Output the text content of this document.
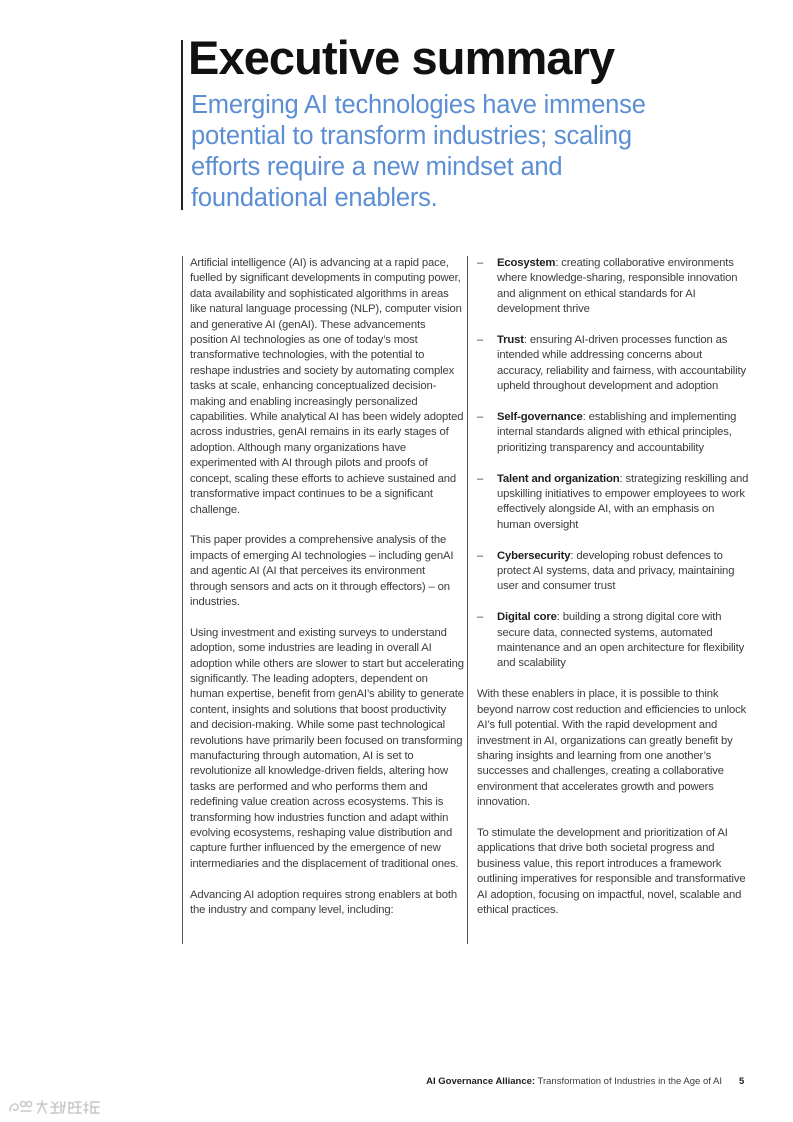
Executive summary
Emerging AI technologies have immense potential to transform industries; scaling efforts require a new mindset and foundational enablers.

Artificial intelligence (AI) is advancing at a rapid pace, fuelled by significant developments in computing power, data availability and sophisticated algorithms in areas like natural language processing (NLP), computer vision and generative AI (genAI). These advancements position AI technologies as one of today’s most transformative technologies, with the potential to reshape industries and society by automating complex tasks at scale, enhancing conceptualized decision-making and enabling increasingly personalized capabilities. While analytical AI has been widely adopted across industries, genAI remains in its early stages of adoption. Although many organizations have experimented with AI through pilots and proofs of concept, scaling these efforts to achieve sustained and transformative impact continues to be a significant challenge.

This paper provides a comprehensive analysis of the impacts of emerging AI technologies – including genAI and agentic AI (AI that perceives its environment through sensors and acts on it through effectors) – on industries.

Using investment and existing surveys to understand adoption, some industries are leading in overall AI adoption while others are slower to start but accelerating significantly. The leading adopters, dependent on human expertise, benefit from genAI’s ability to generate content, insights and solutions that boost productivity and decision-making. While some past technological revolutions have primarily been focused on transforming manufacturing through automation, AI is set to revolutionize all knowledge-driven fields, altering how tasks are performed and who performs them and redefining value creation across ecosystems. This is transforming how industries function and adapt within evolving ecosystems, reshaping value distribution and capture further influenced by the emergence of new intermediaries and the displacement of traditional ones.

Advancing AI adoption requires strong enablers at both the industry and company level, including:

– Ecosystem: creating collaborative environments where knowledge-sharing, responsible innovation and alignment on ethical standards for AI development thrive
– Trust: ensuring AI-driven processes function as intended while addressing concerns about accuracy, reliability and fairness, with accountability upheld throughout development and adoption
– Self-governance: establishing and implementing internal standards aligned with ethical principles, prioritizing transparency and accountability
– Talent and organization: strategizing reskilling and upskilling initiatives to empower employees to work effectively alongside AI, with an emphasis on human oversight
– Cybersecurity: developing robust defences to protect AI systems, data and privacy, maintaining user and consumer trust
– Digital core: building a strong digital core with secure data, connected systems, automated maintenance and an open architecture for flexibility and scalability

With these enablers in place, it is possible to think beyond narrow cost reduction and efficiencies to unlock AI’s full potential. With the rapid development and investment in AI, organizations can greatly benefit by sharing insights and learning from one another’s successes and challenges, creating a collaborative environment that accelerates growth and powers innovation.

To stimulate the development and prioritization of AI applications that drive both societal progress and business value, this report introduces a framework outlining imperatives for responsible and transformative AI adoption, focusing on impactful, novel, scalable and ethical practices.

AI Governance Alliance: Transformation of Industries in the Age of AI 5
